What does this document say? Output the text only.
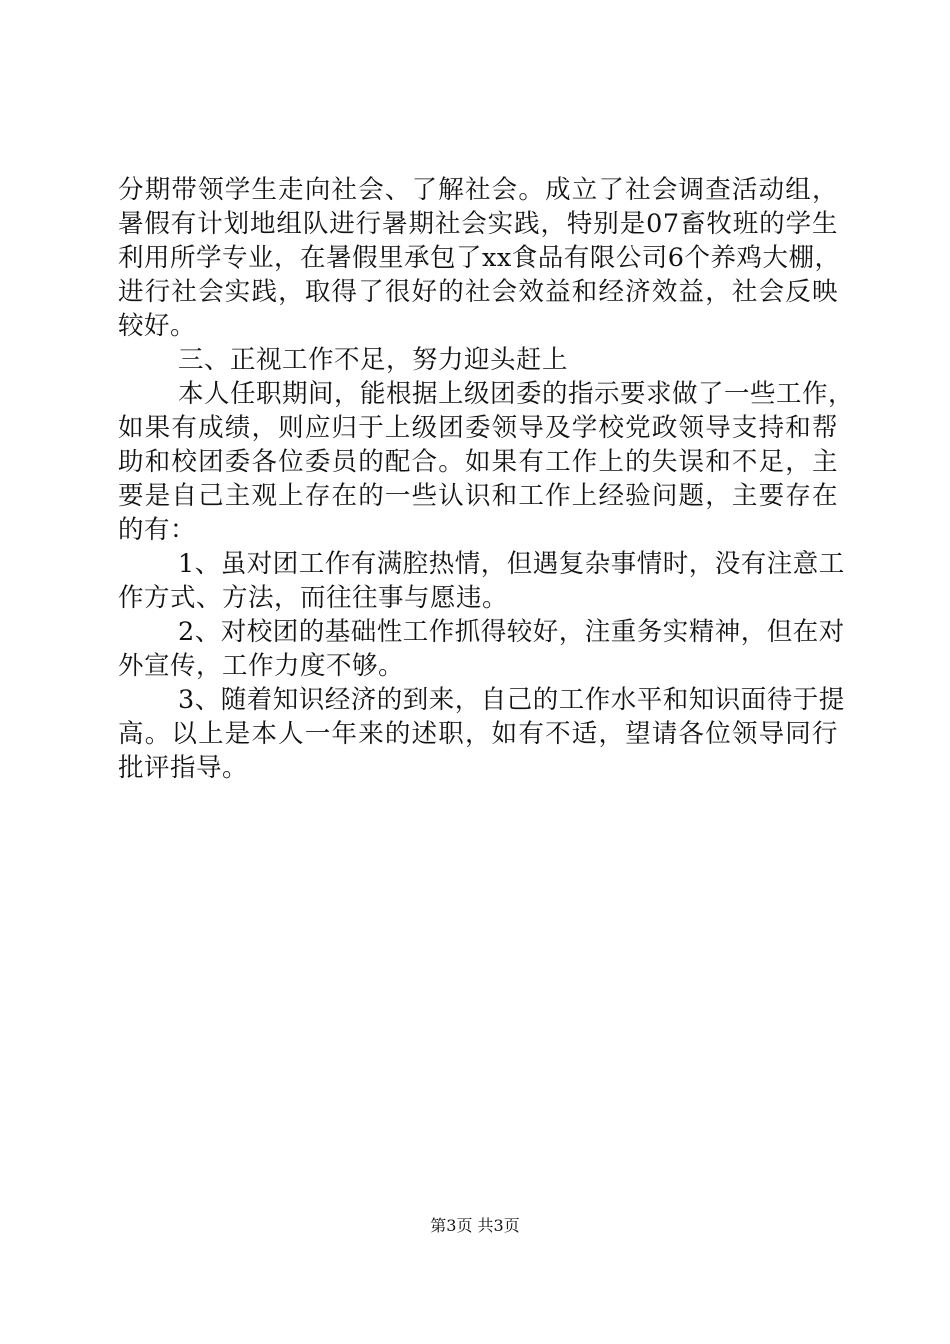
分期带领学生走向社会、了解社会。成立了社会调查活动组，
暑假有计划地组队进行暑期社会实践，特别是07畜牧班的学生
利用所学专业，在暑假里承包了xx食品有限公司6个养鸡大棚，
进行社会实践，取得了很好的社会效益和经济效益，社会反映
较好。
三、正视工作不足，努力迎头赶上
本人任职期间，能根据上级团委的指示要求做了一些工作，
如果有成绩，则应归于上级团委领导及学校党政领导支持和帮
助和校团委各位委员的配合。如果有工作上的失误和不足，主
要是自己主观上存在的一些认识和工作上经验问题，主要存在
的有：
1、虽对团工作有满腔热情，但遇复杂事情时，没有注意工
作方式、方法，而往往事与愿违。
2、对校团的基础性工作抓得较好，注重务实精神，但在对
外宣传，工作力度不够。
3、随着知识经济的到来，自己的工作水平和知识面待于提
高。以上是本人一年来的述职，如有不适，望请各位领导同行
批评指导。
第3页 共3页
